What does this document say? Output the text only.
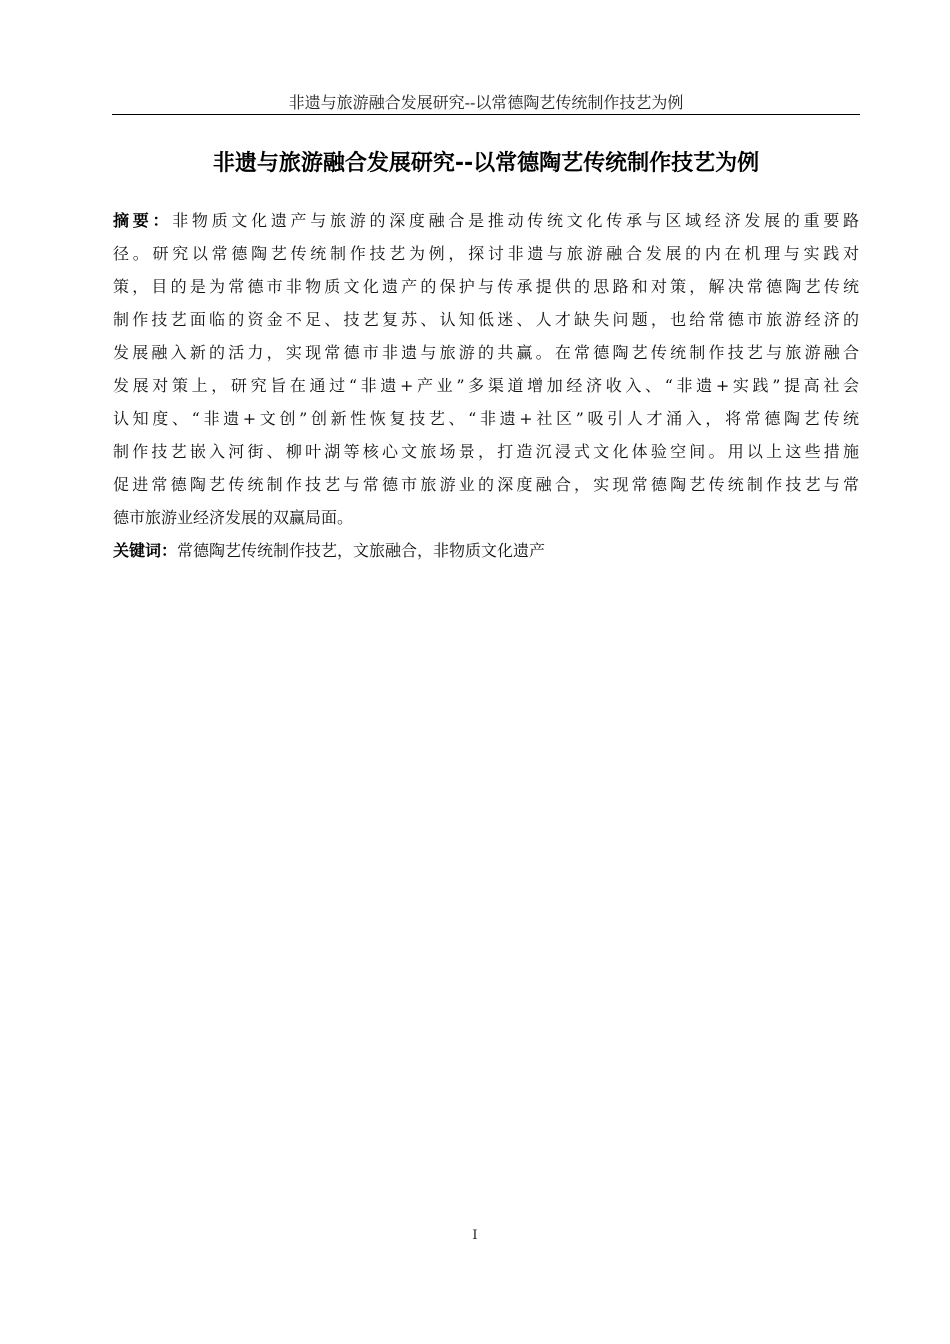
非遗与旅游融合发展研究--以常德陶艺传统制作技艺为例
非遗与旅游融合发展研究--以常德陶艺传统制作技艺为例
摘要：非物质文化遗产与旅游的深度融合是推动传统文化传承与区域经济发展的重要路
径。研究以常德陶艺传统制作技艺为例，探讨非遗与旅游融合发展的内在机理与实践对
策，目的是为常德市非物质文化遗产的保护与传承提供的思路和对策，解决常德陶艺传统
制作技艺面临的资金不足、技艺复苏、认知低迷、人才缺失问题，也给常德市旅游经济的
发展融入新的活力，实现常德市非遗与旅游的共赢。在常德陶艺传统制作技艺与旅游融合
发展对策上，研究旨在通过“非遗+产业”多渠道增加经济收入、“非遗+实践”提高社会
认知度、“非遗+文创”创新性恢复技艺、“非遗+社区”吸引人才涌入，将常德陶艺传统
制作技艺嵌入河街、柳叶湖等核心文旅场景，打造沉浸式文化体验空间。用以上这些措施
促进常德陶艺传统制作技艺与常德市旅游业的深度融合，实现常德陶艺传统制作技艺与常
德市旅游业经济发展的双赢局面。
关键词：常德陶艺传统制作技艺，文旅融合，非物质文化遗产
I
